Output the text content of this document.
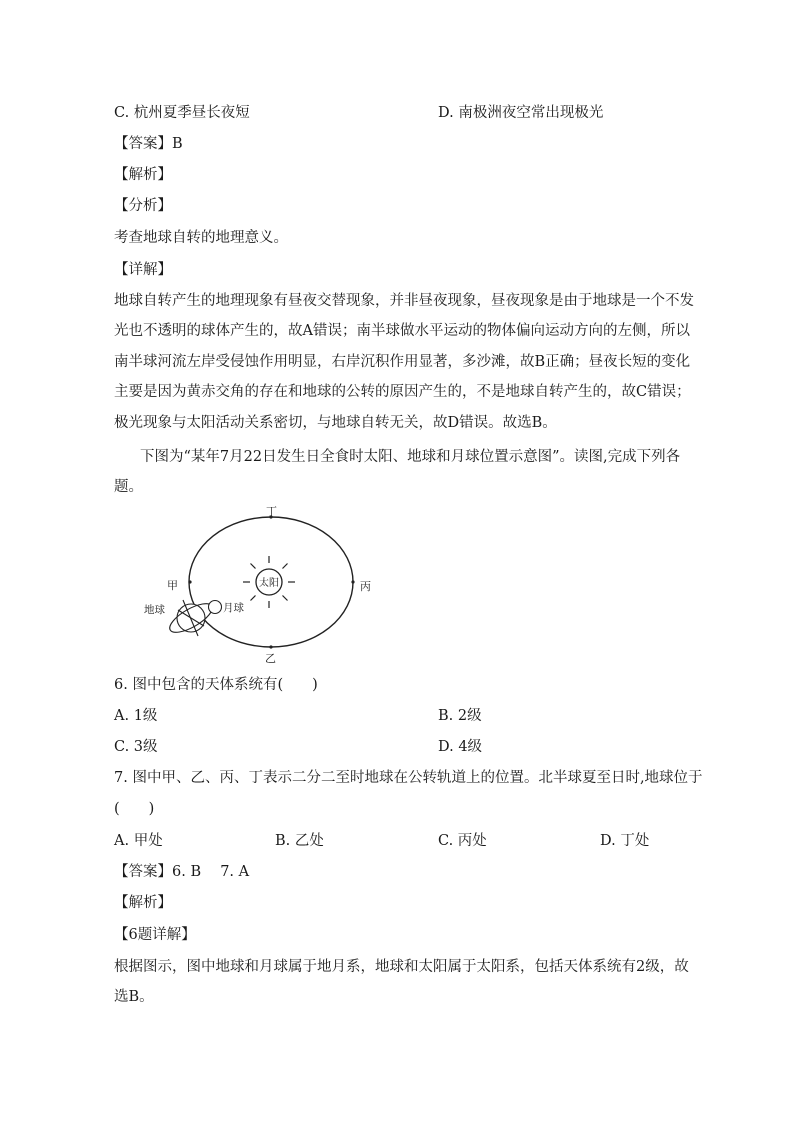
C. 杭州夏季昼长夜短	D. 南极洲夜空常出现极光
【答案】B
【解析】
【分析】
考查地球自转的地理意义。
【详解】
地球自转产生的地理现象有昼夜交替现象，并非昼夜现象，昼夜现象是由于地球是一个不发
光也不透明的球体产生的，故A错误；南半球做水平运动的物体偏向运动方向的左侧，所以
南半球河流左岸受侵蚀作用明显，右岸沉积作用显著，多沙滩，故B正确；昼夜长短的变化
主要是因为黄赤交角的存在和地球的公转的原因产生的，不是地球自转产生的，故C错误；
极光现象与太阳活动关系密切，与地球自转无关，故D错误。故选B。
下图为“某年7月22日发生日全食时太阳、地球和月球位置示意图”。读图,完成下列各
题。
丁
丙
乙
甲	太阳
地球	月球
6. 图中包含的天体系统有(　　)
A. 1级	B. 2级
C. 3级	D. 4级
7. 图中甲、乙、丙、丁表示二分二至时地球在公转轨道上的位置。北半球夏至日时,地球位于
(　　)
A. 甲处	B. 乙处	C. 丙处	D. 丁处
【答案】6. B　 7. A
【解析】
【6题详解】
根据图示，图中地球和月球属于地月系，地球和太阳属于太阳系，包括天体系统有2级，故
选B。
